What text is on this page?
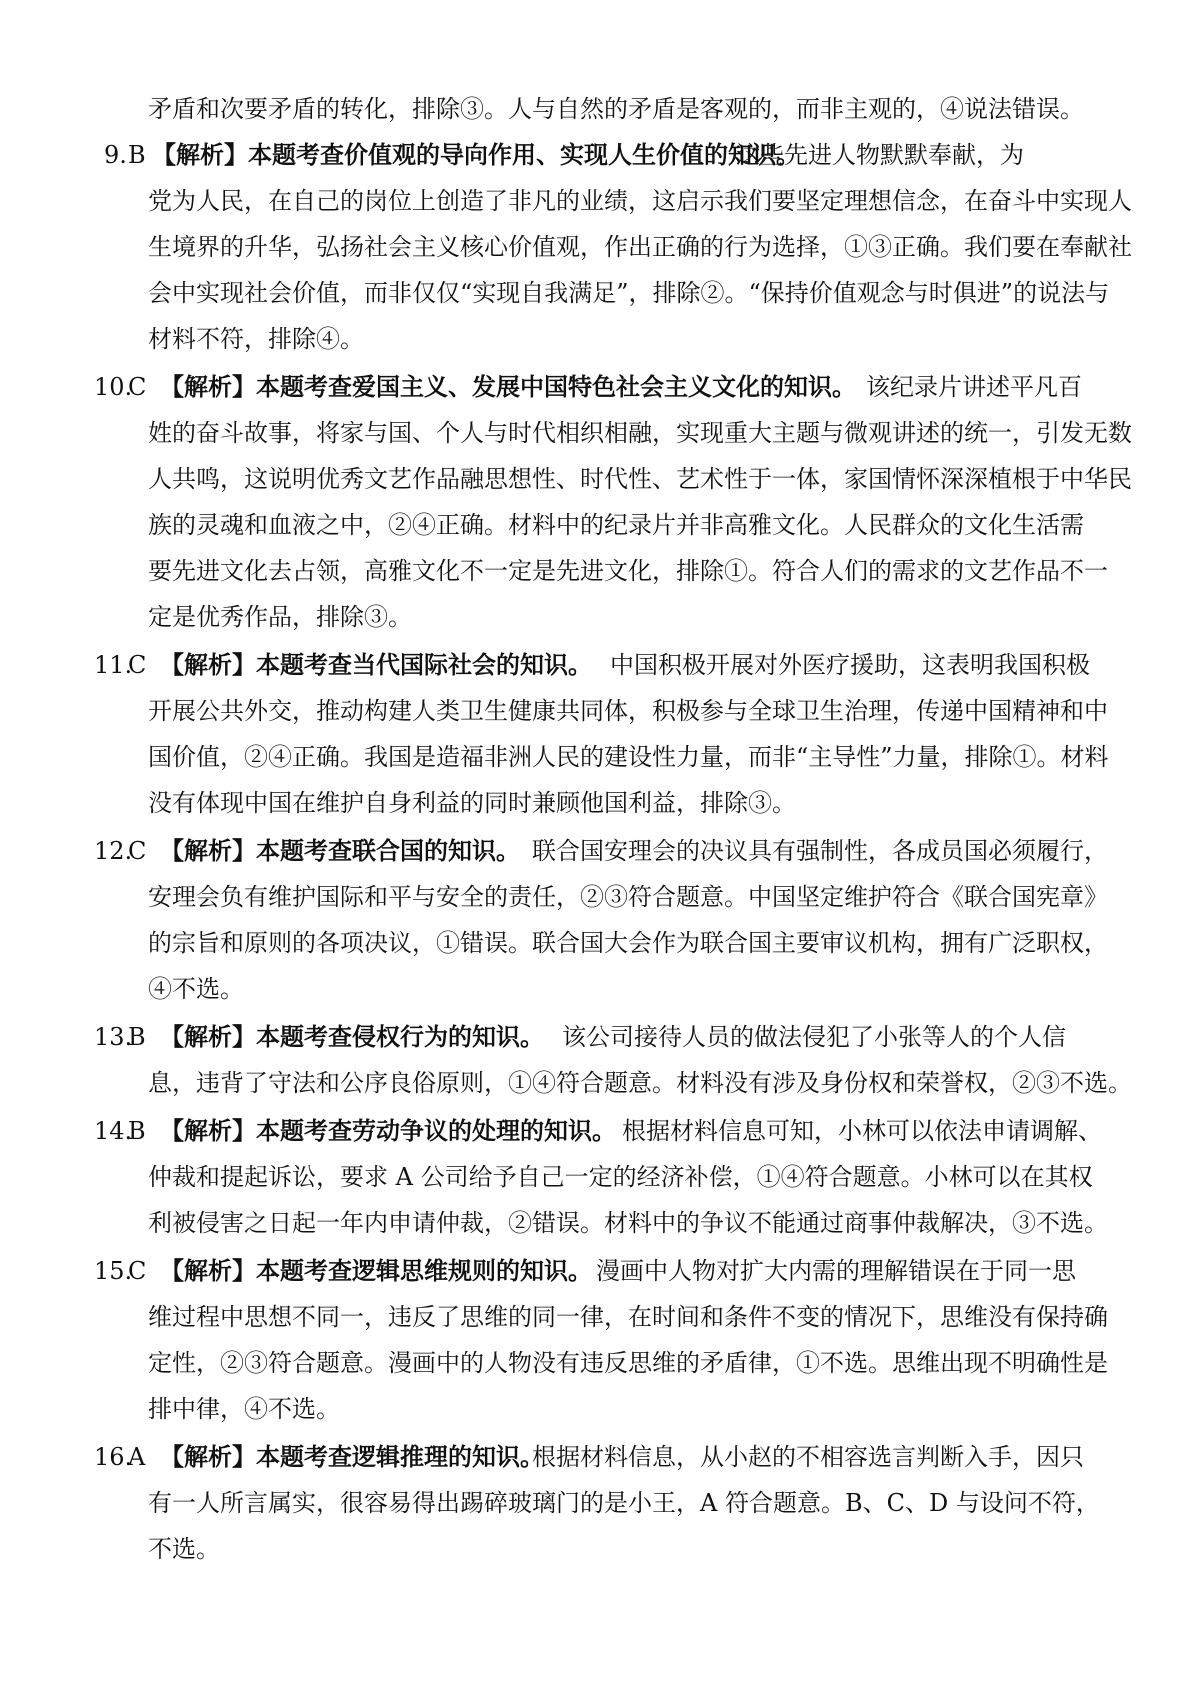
矛盾和次要矛盾的转化，排除③。人与自然的矛盾是客观的，而非主观的，④说法错误。
9. B 【解析】 本题考查价值观的导向作用、实现人生价值的知识。
这些先进人物默默奉献，为
党为人民，在自己的岗位上创造了非凡的业绩，这启示我们要坚定理想信念，在奋斗中实现人
生境界的升华，弘扬社会主义核心价值观，作出正确的行为选择，①③正确。我们要在奉献社
会中实现社会价值，而非仅仅“实现自我满足”，排除②。“保持价值观念与时俱进”的说法与
材料不符，排除④。
10.
C 【解析】 本题考查爱国主义、发展中国特色社会主义文化的知识。 该纪录片讲述平凡百
姓的奋斗故事，将家与国、个人与时代相织相融，实现重大主题与微观讲述的统一，引发无数
人共鸣，这说明优秀文艺作品融思想性、时代性、艺术性于一体，家国情怀深深植根于中华民
族的灵魂和血液之中，②④正确。材料中的纪录片并非高雅文化。人民群众的文化生活需
要先进文化去占领，高雅文化不一定是先进文化，排除①。符合人们的需求的文艺作品不一
定是优秀作品，排除③。
11.
C 【解析】 本题考查当代国际社会的知识。 中国积极开展对外医疗援助，这表明我国积极
开展公共外交，推动构建人类卫生健康共同体，积极参与全球卫生治理，传递中国精神和中
国价值，②④正确。我国是造福非洲人民的建设性力量，而非“主导性”力量，排除①。材料
没有体现中国在维护自身利益的同时兼顾他国利益，排除③。
12.
C 【解析】 本题考查联合国的知识。 联合国安理会的决议具有强制性，各成员国必须履行，
安理会负有维护国际和平与安全的责任，②③符合题意。中国坚定维护符合《联合国宪章》
的宗旨和原则的各项决议，①错误。联合国大会作为联合国主要审议机构，拥有广泛职权，
④不选。
13.
B 【解析】 本题考查侵权行为的知识。 该公司接待人员的做法侵犯了小张等人的个人信
息，违背了守法和公序良俗原则，①④符合题意。材料没有涉及身份权和荣誉权，②③不选。
14.
B 【解析】 本题考查劳动争议的处理的知识。 根据材料信息可知，小林可以依法申请调解、
仲裁和提起诉讼，要求 A 公司给予自己一定的经济补偿，①④符合题意。小林可以在其权
利被侵害之日起一年内申请仲裁，②错误。材料中的争议不能通过商事仲裁解决，③不选。
15.
C 【解析】 本题考查逻辑思维规则的知识。 漫画中人物对扩大内需的理解错误在于同一思
维过程中思想不同一，违反了思维的同一律，在时间和条件不变的情况下，思维没有保持确
定性，②③符合题意。漫画中的人物没有违反思维的矛盾律，①不选。思维出现不明确性是
排中律，④不选。
16.
A 【解析】 本题考查逻辑推理的知识。
根据材料信息，从小赵的不相容选言判断入手，因只
有一人所言属实，很容易得出踢碎玻璃门的是小王，A 符合题意。B、C、D 与设问不符，
不选。
